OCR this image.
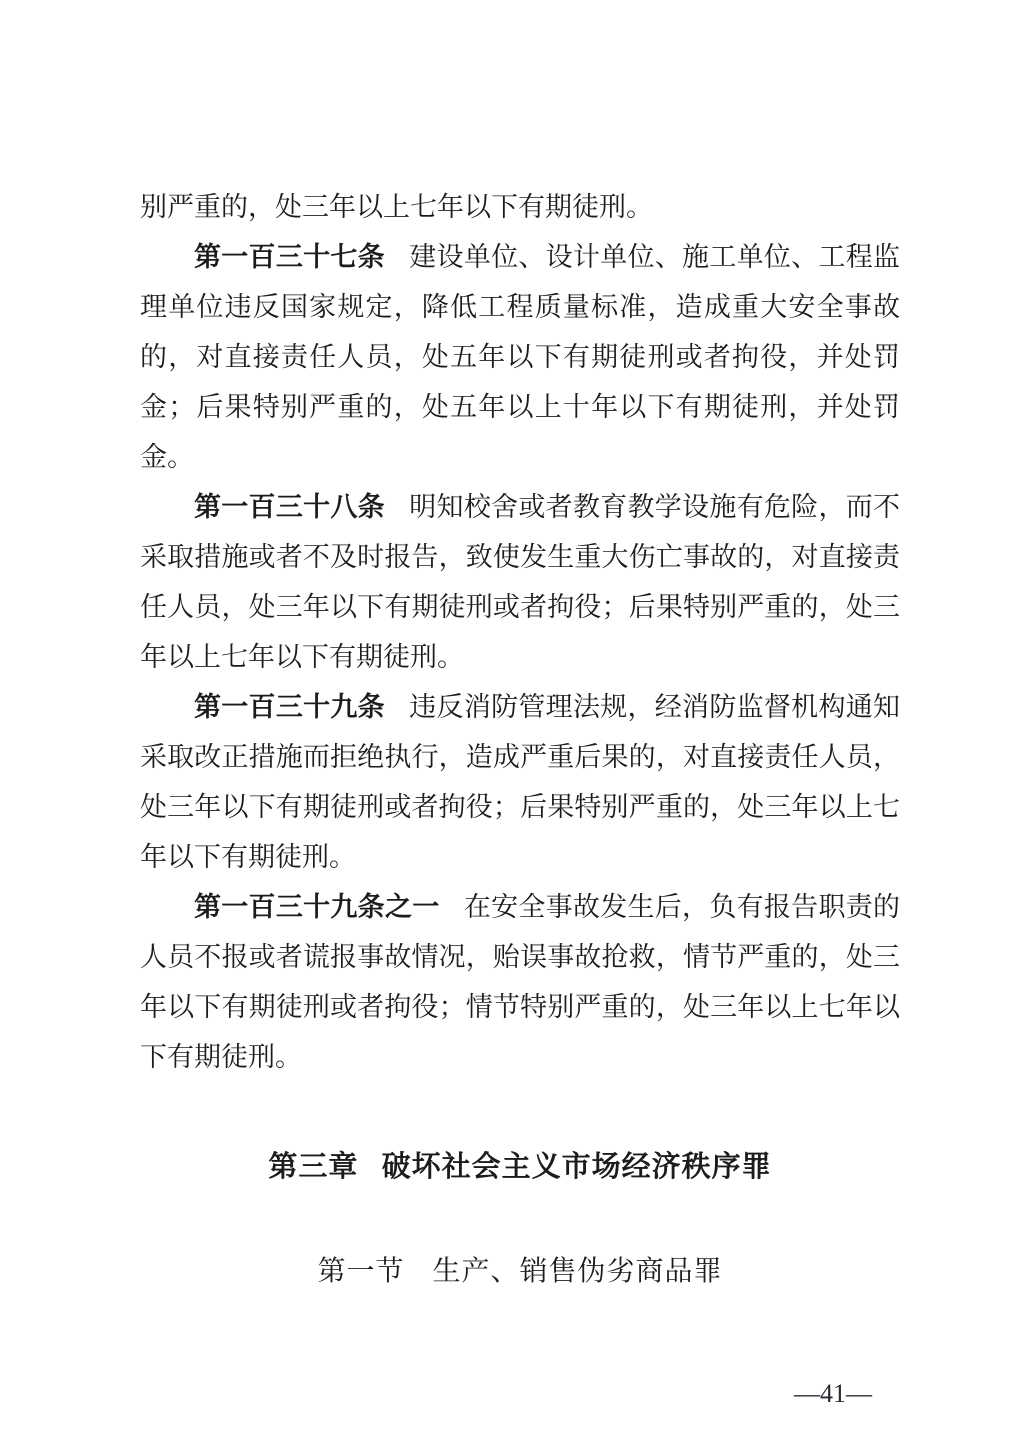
别严重的，处三年以上七年以下有期徒刑。

第一百三十七条 建设单位、设计单位、施工单位、工程监理单位违反国家规定，降低工程质量标准，造成重大安全事故的，对直接责任人员，处五年以下有期徒刑或者拘役，并处罚金；后果特别严重的，处五年以上十年以下有期徒刑，并处罚金。

第一百三十八条 明知校舍或者教育教学设施有危险，而不采取措施或者不及时报告，致使发生重大伤亡事故的，对直接责任人员，处三年以下有期徒刑或者拘役；后果特别严重的，处三年以上七年以下有期徒刑。

第一百三十九条 违反消防管理法规，经消防监督机构通知采取改正措施而拒绝执行，造成严重后果的，对直接责任人员，处三年以下有期徒刑或者拘役；后果特别严重的，处三年以上七年以下有期徒刑。

第一百三十九条之一 在安全事故发生后，负有报告职责的人员不报或者谎报事故情况，贻误事故抢救，情节严重的，处三年以下有期徒刑或者拘役；情节特别严重的，处三年以上七年以下有期徒刑。

第三章 破坏社会主义市场经济秩序罪
第一节 生产、销售伪劣商品罪
—41—
